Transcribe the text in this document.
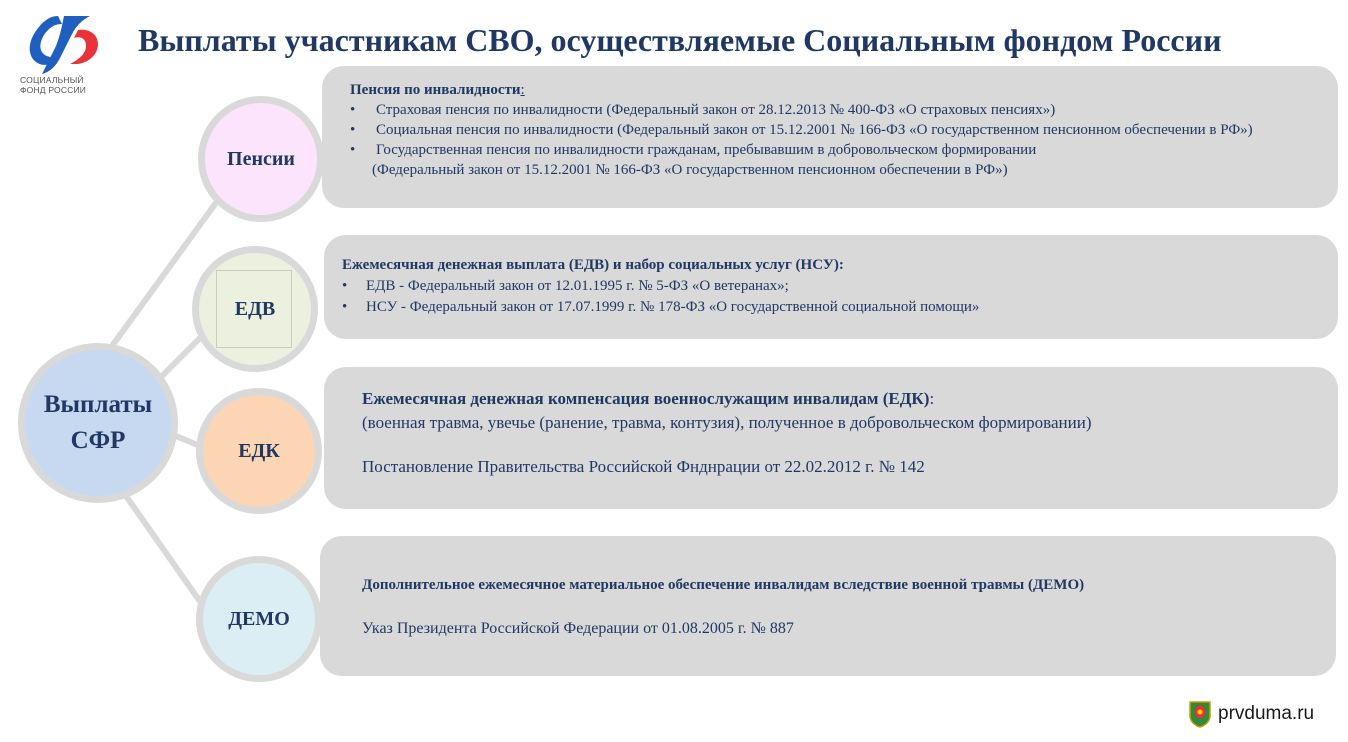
СОЦИАЛЬНЫЙ
ФОНД РОССИИ
Выплаты участникам СВО, осуществляемые Социальным фондом России
Выплаты
СФР
Пенсии
ЕДВ
ЕДК
ДЕМО
Пенсия по инвалидности:
• Страховая пенсия по инвалидности (Федеральный закон от 28.12.2013 № 400-ФЗ «О страховых пенсиях»)
• Социальная пенсия по инвалидности (Федеральный закон от 15.12.2001 № 166-ФЗ «О государственном пенсионном обеспечении в РФ»)
• Государственная пенсия по инвалидности гражданам, пребывавшим в добровольческом формировании
(Федеральный закон от 15.12.2001 № 166-ФЗ «О государственном пенсионном обеспечении в РФ»)
Ежемесячная денежная выплата (ЕДВ) и набор социальных услуг (НСУ):
• ЕДВ - Федеральный закон от 12.01.1995 г. № 5-ФЗ «О ветеранах»;
• НСУ - Федеральный закон от 17.07.1999 г. № 178-ФЗ «О государственной социальной помощи»
Ежемесячная денежная компенсация военнослужащим инвалидам (ЕДК):
(военная травма, увечье (ранение, травма, контузия), полученное в добровольческом формировании)
Постановление Правительства Российской Фнднрации от 22.02.2012 г. № 142
Дополнительное ежемесячное материальное обеспечение инвалидам вследствие военной травмы (ДЕМО)
Указ Президента Российской Федерации от 01.08.2005 г. № 887
prvduma.ru
